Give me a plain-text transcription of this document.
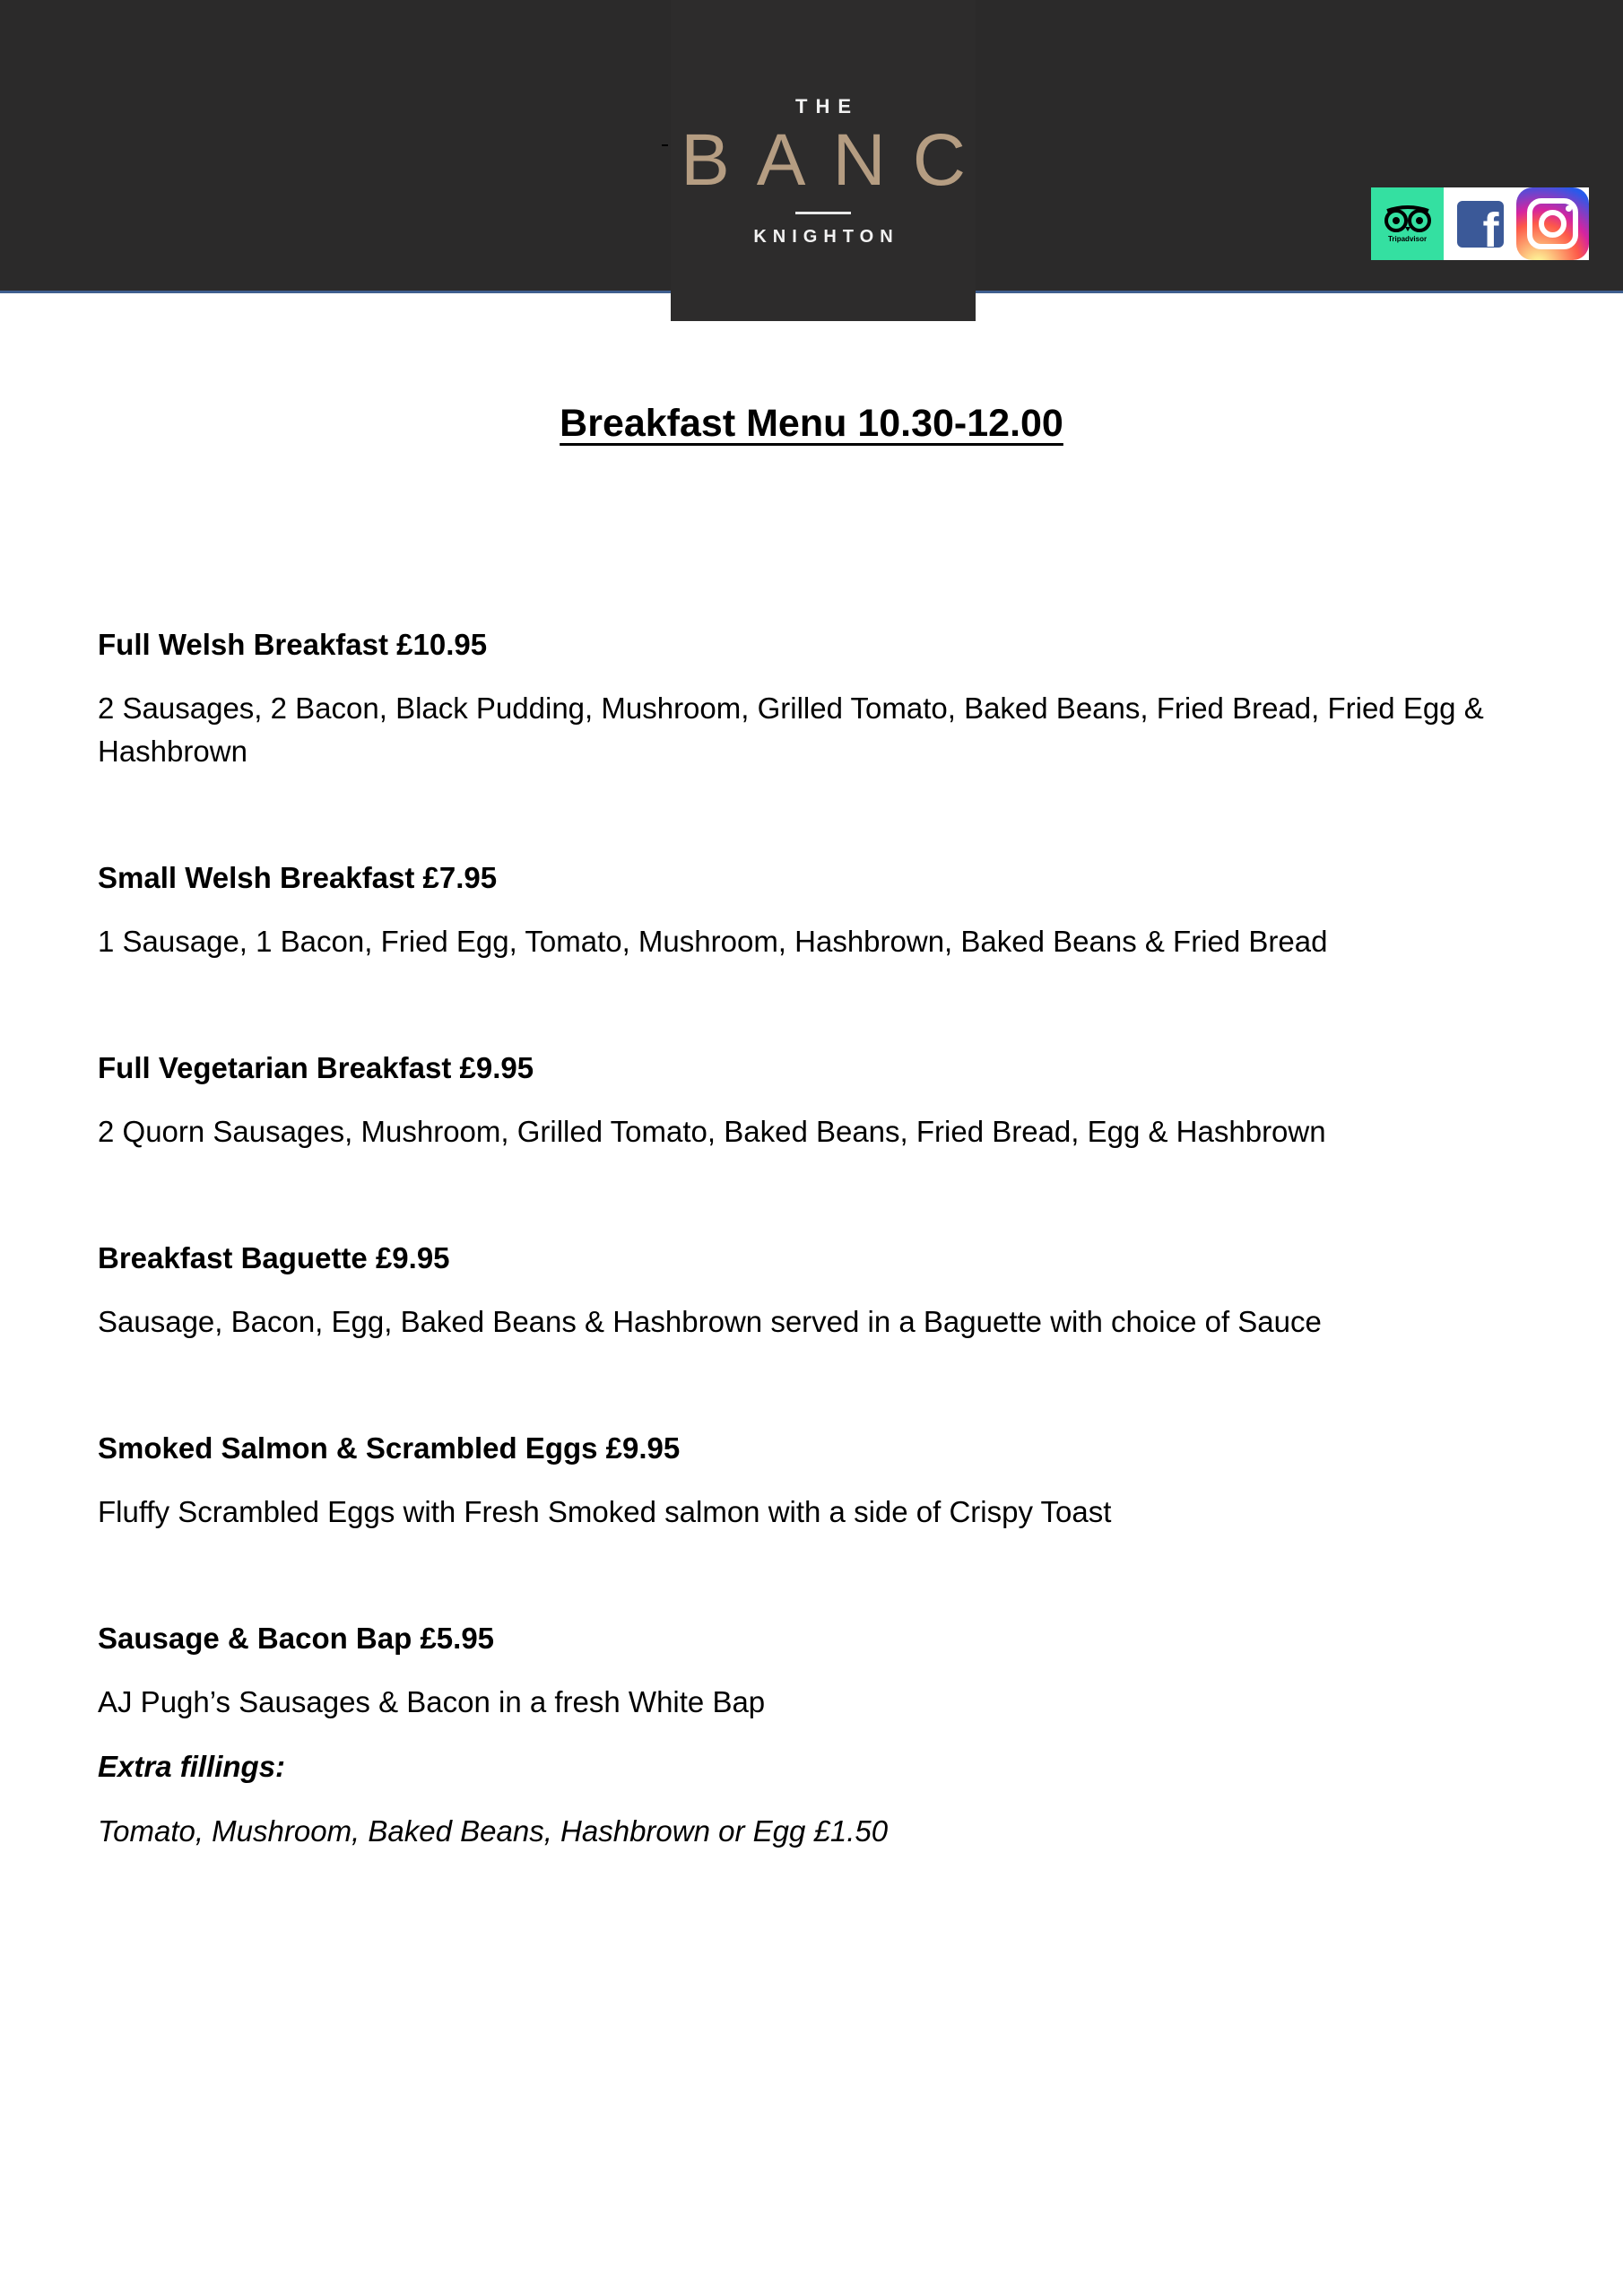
THE
BANC
KNIGHTON	Tripadvisor f
Breakfast Menu 10.30-12.00
Full Welsh Breakfast £10.95
2 Sausages, 2 Bacon, Black Pudding, Mushroom, Grilled Tomato, Baked Beans, Fried Bread, Fried Egg & Hashbrown
Small Welsh Breakfast £7.95
1 Sausage, 1 Bacon, Fried Egg, Tomato, Mushroom, Hashbrown, Baked Beans & Fried Bread
Full Vegetarian Breakfast £9.95
2 Quorn Sausages, Mushroom, Grilled Tomato, Baked Beans, Fried Bread, Egg & Hashbrown
Breakfast Baguette £9.95
Sausage, Bacon, Egg, Baked Beans & Hashbrown served in a Baguette with choice of Sauce
Smoked Salmon & Scrambled Eggs £9.95
Fluffy Scrambled Eggs with Fresh Smoked salmon with a side of Crispy Toast
Sausage & Bacon Bap £5.95
AJ Pugh’s Sausages & Bacon in a fresh White Bap
Extra fillings:
Tomato, Mushroom, Baked Beans, Hashbrown or Egg £1.50
